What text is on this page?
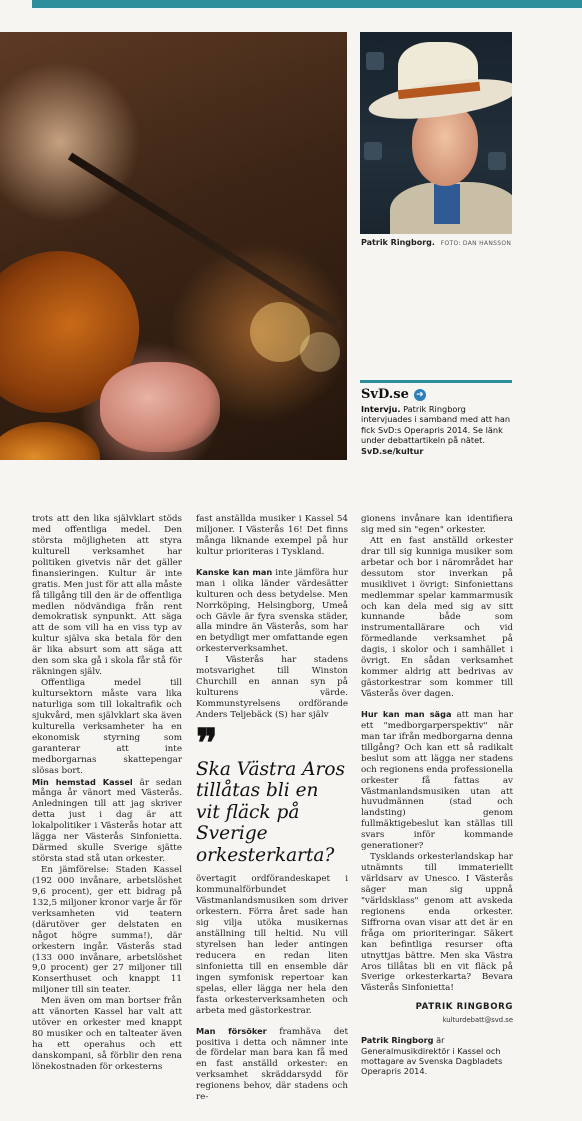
Patrik Ringborg. FOTO: DAN HANSSON
SvD.se ➜
Intervju. Patrik Ringborg intervjuades i samband med att han fick SvD:s Operapris 2014. Se länk under debattartikeln på nätet.
SvD.se/kultur

trots att den lika självklart stöds med offentliga medel. Den största möjligheten att styra kulturell verksamhet har politiken givetvis när det gäller finansieringen. Kultur är inte gratis. Men just för att alla måste få tillgång till den är de offentliga medlen nödvändiga från rent demokratisk synpunkt. Att säga att de som vill ha en viss typ av kultur själva ska betala för den är lika absurt som att säga att den som ska gå i skola får stå för räkningen själv.

Offentliga medel till kultursektorn måste vara lika naturliga som till lokaltrafik och sjukvård, men självklart ska även kulturella verksamheter ha en ekonomisk styrning som garanterar att inte medborgarnas skattepengar slösas bort.

Min hemstad Kassel är sedan många år vänort med Västerås. Anledningen till att jag skriver detta just i dag är att lokalpolitiker i Västerås hotar att lägga ner Västerås Sinfonietta. Därmed skulle Sverige sjätte största stad stå utan orkester.

En jämförelse: Staden Kassel (192 000 invånare, arbetslöshet 9,6 procent), ger ett bidrag på 132,5 miljoner kronor varje år för verksamheten vid teatern (därutöver ger delstaten en något högre summa!), där orkestern ingår. Västerås stad (133 000 invånare, arbetslöshet 9,0 procent) ger 27 miljoner till Konserthuset och knappt 11 miljoner till sin teater.

Men även om man bortser från att vänorten Kassel har valt att utöver en orkester med knappt 80 musiker och en talteater även ha ett operahus och ett danskompani, så förblir den rena lönekostnaden för orkesterns

fast anställda musiker i Kassel 54 miljoner. I Västerås 16! Det finns många liknande exempel på hur kultur prioriteras i Tyskland.

Kanske kan man inte jämföra hur man i olika länder värdesätter kulturen och dess betydelse. Men Norrköping, Helsingborg, Umeå och Gävle är fyra svenska städer, alla mindre än Västerås, som har en betydligt mer omfattande egen orkesterverksamhet.

I Västerås har stadens motsvarighet till Winston Churchill en annan syn på kulturens värde. Kommunstyrelsens ordförande Anders Teljebäck (S) har själv

❞
Ska Västra Aros tillåtas bli en vit fläck på Sverige orkesterkarta?

övertagit ordförandeskapet i kommunalförbundet Västmanlandsmusiken som driver orkestern. Förra året sade han sig vilja utöka musikernas anställning till heltid. Nu vill styrelsen han leder antingen reducera en redan liten sinfonietta till en ensemble där ingen symfonisk repertoar kan spelas, eller lägga ner hela den fasta orkesterverksamheten och arbeta med gästorkestrar.

Man försöker framhäva det positiva i detta och nämner inte de fördelar man bara kan få med en fast anställd orkester: en verksamhet skräddarsydd för regionens behov, där stadens och re-

gionens invånare kan identifiera sig med sin "egen" orkester.

Att en fast anställd orkester drar till sig kunniga musiker som arbetar och bor i närområdet har dessutom stor inverkan på musiklivet i övrigt: Sinfoniettans medlemmar spelar kammarmusik och kan dela med sig av sitt kunnande både som instrumentallärare och vid förmedlande verksamhet på dagis, i skolor och i samhället i övrigt. En sådan verksamhet kommer aldrig att bedrivas av gästorkestrar som kommer till Västerås över dagen.

Hur kan man säga att man har ett "medborgarperspektiv" när man tar ifrån medborgarna denna tillgång? Och kan ett så radikalt beslut som att lägga ner stadens och regionens enda professionella orkester få fattas av Västmanlandsmusiken utan att huvudmännen (stad och landsting) genom fullmäktigebeslut kan ställas till svars inför kommande generationer?

Tysklands orkesterlandskap har utnämnts till immateriellt världsarv av Unesco. I Västerås säger man sig uppnå "världsklass" genom att avskeda regionens enda orkester. Siffrorna ovan visar att det är en fråga om prioriteringar. Säkert kan befintliga resurser ofta utnyttjas bättre. Men ska Västra Aros tillåtas bli en vit fläck på Sverige orkesterkarta? Bevara Västerås Sinfonietta!

PATRIK RINGBORG
kulturdebatt@svd.se
Patrik Ringborg är Generalmusikdirektör i Kassel och mottagare av Svenska Dagbladets Operapris 2014.
